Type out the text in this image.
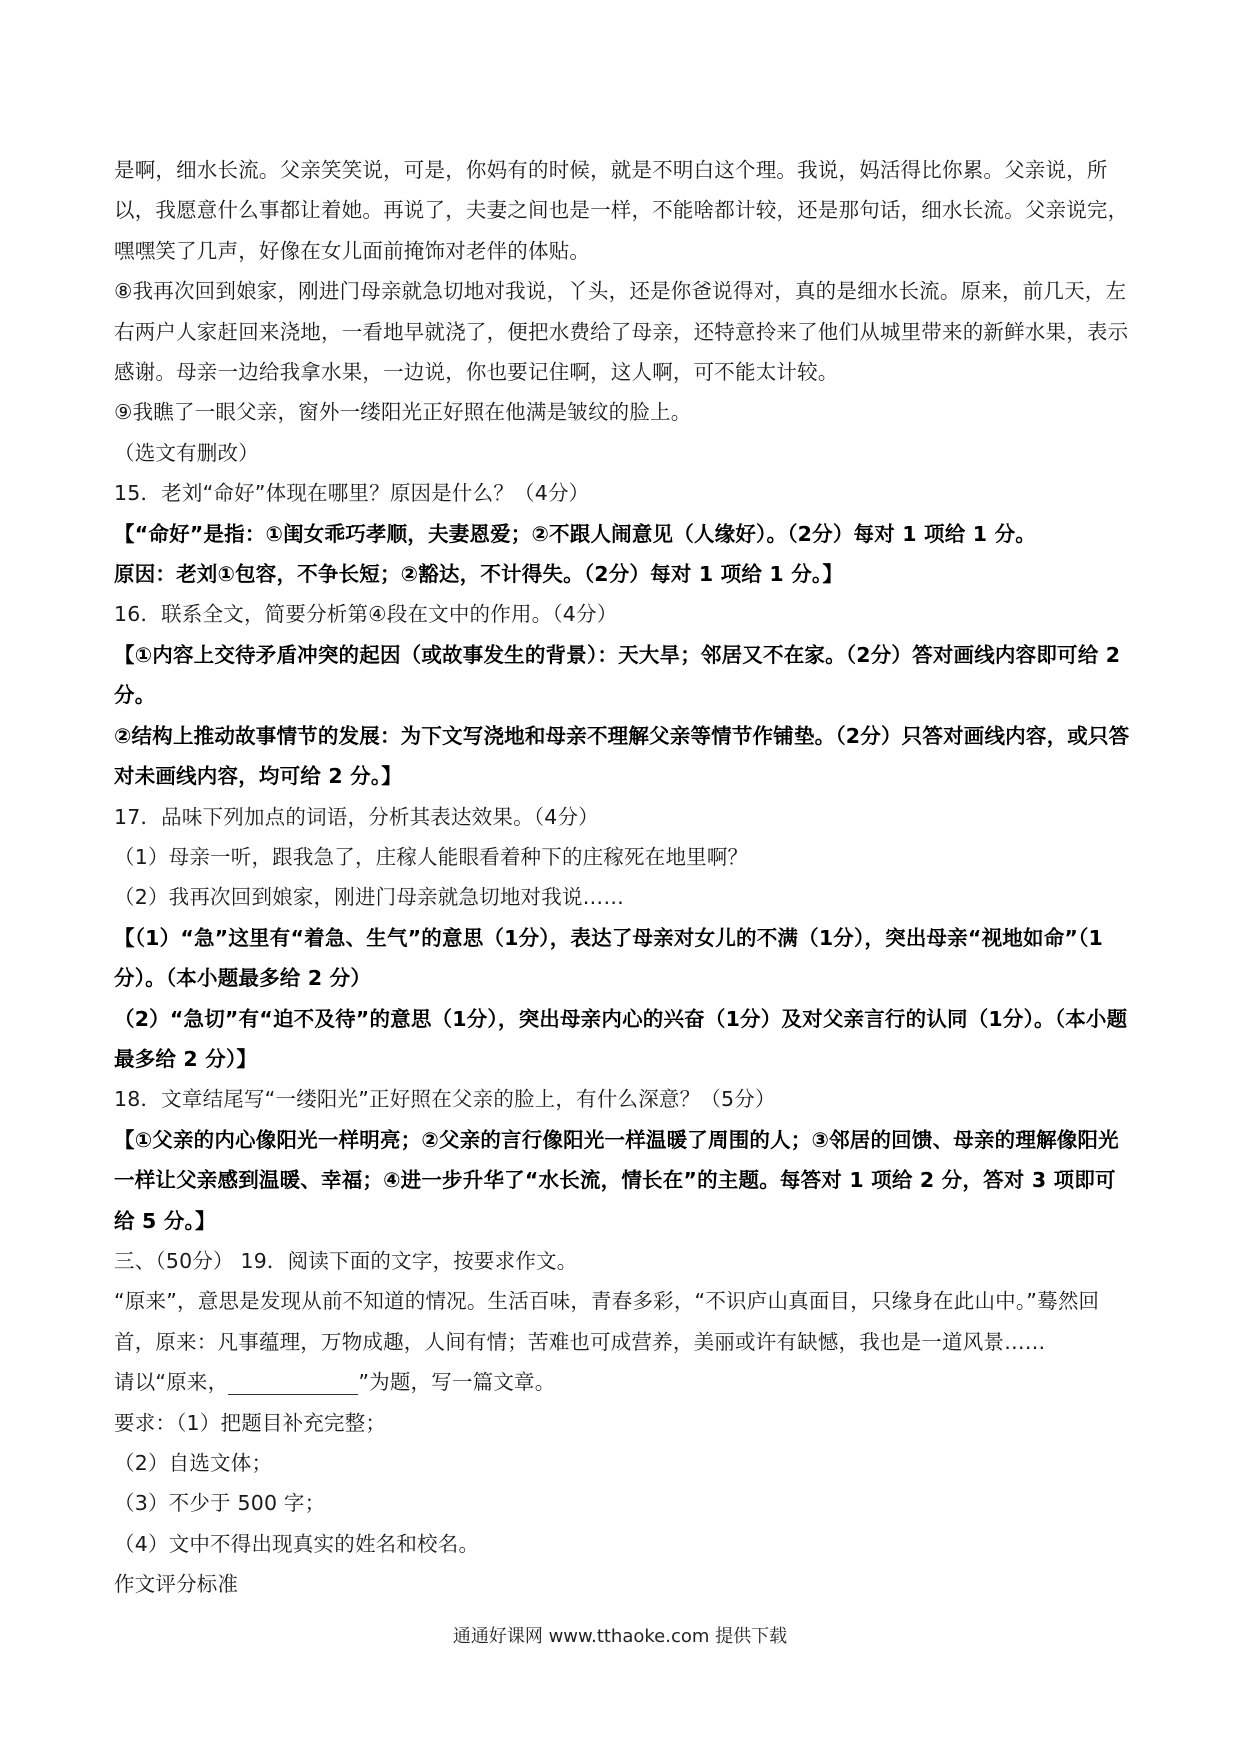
是啊，细水长流。父亲笑笑说，可是，你妈有的时候，就是不明白这个理。我说，妈活得比你累。父亲说，所以，我愿意什么事都让着她。再说了，夫妻之间也是一样，不能啥都计较，还是那句话，细水长流。父亲说完，嘿嘿笑了几声，好像在女儿面前掩饰对老伴的体贴。

⑧我再次回到娘家，刚进门母亲就急切地对我说，丫头，还是你爸说得对，真的是细水长流。原来，前几天，左右两户人家赶回来浇地，一看地早就浇了，便把水费给了母亲，还特意拎来了他们从城里带来的新鲜水果，表示感谢。母亲一边给我拿水果，一边说，你也要记住啊，这人啊，可不能太计较。

⑨我瞧了一眼父亲，窗外一缕阳光正好照在他满是皱纹的脸上。

（选文有删改）

15．老刘“命好”体现在哪里？原因是什么？（4分）

【“命好”是指：①闺女乖巧孝顺，夫妻恩爱；②不跟人闹意见（人缘好）。（2分）每对 1 项给 1 分。

原因：老刘①包容，不争长短；②豁达，不计得失。（2分）每对 1 项给 1 分。】

16．联系全文，简要分析第④段在文中的作用。（4分）

【①内容上交待矛盾冲突的起因（或故事发生的背景）：天大旱；邻居又不在家。（2分）答对画线内容即可给 2 分。

②结构上推动故事情节的发展：为下文写浇地和母亲不理解父亲等情节作铺垫。（2分）只答对画线内容，或只答对未画线内容，均可给 2 分。】

17．品味下列加点的词语，分析其表达效果。（4分）

（1）母亲一听，跟我急了，庄稼人能眼看着种下的庄稼死在地里啊？

（2）我再次回到娘家，刚进门母亲就急切地对我说……

【（1）“急”这里有“着急、生气”的意思（1分），表达了母亲对女儿的不满（1分），突出母亲“视地如命”（1分）。（本小题最多给 2 分）

（2）“急切”有“迫不及待”的意思（1分），突出母亲内心的兴奋（1分）及对父亲言行的认同（1分）。（本小题最多给 2 分）】

18．文章结尾写“一缕阳光”正好照在父亲的脸上，有什么深意？（5分）

【①父亲的内心像阳光一样明亮；②父亲的言行像阳光一样温暖了周围的人；③邻居的回馈、母亲的理解像阳光一样让父亲感到温暖、幸福；④进一步升华了“水长流，情长在”的主题。每答对 1 项给 2 分，答对 3 项即可给 5 分。】

三、（50分） 19．阅读下面的文字，按要求作文。

“原来”，意思是发现从前不知道的情况。生活百味，青春多彩，“不识庐山真面目，只缘身在此山中。”蓦然回首，原来：凡事蕴理，万物成趣，人间有情；苦难也可成营养，美丽或许有缺憾，我也是一道风景……

请以“原来，	”为题，写一篇文章。

要求：（1）把题目补充完整；

（2）自选文体；

（3）不少于 500 字；

（4）文中不得出现真实的姓名和校名。

作文评分标准

通通好课网 www.tthaoke.com 提供下载
